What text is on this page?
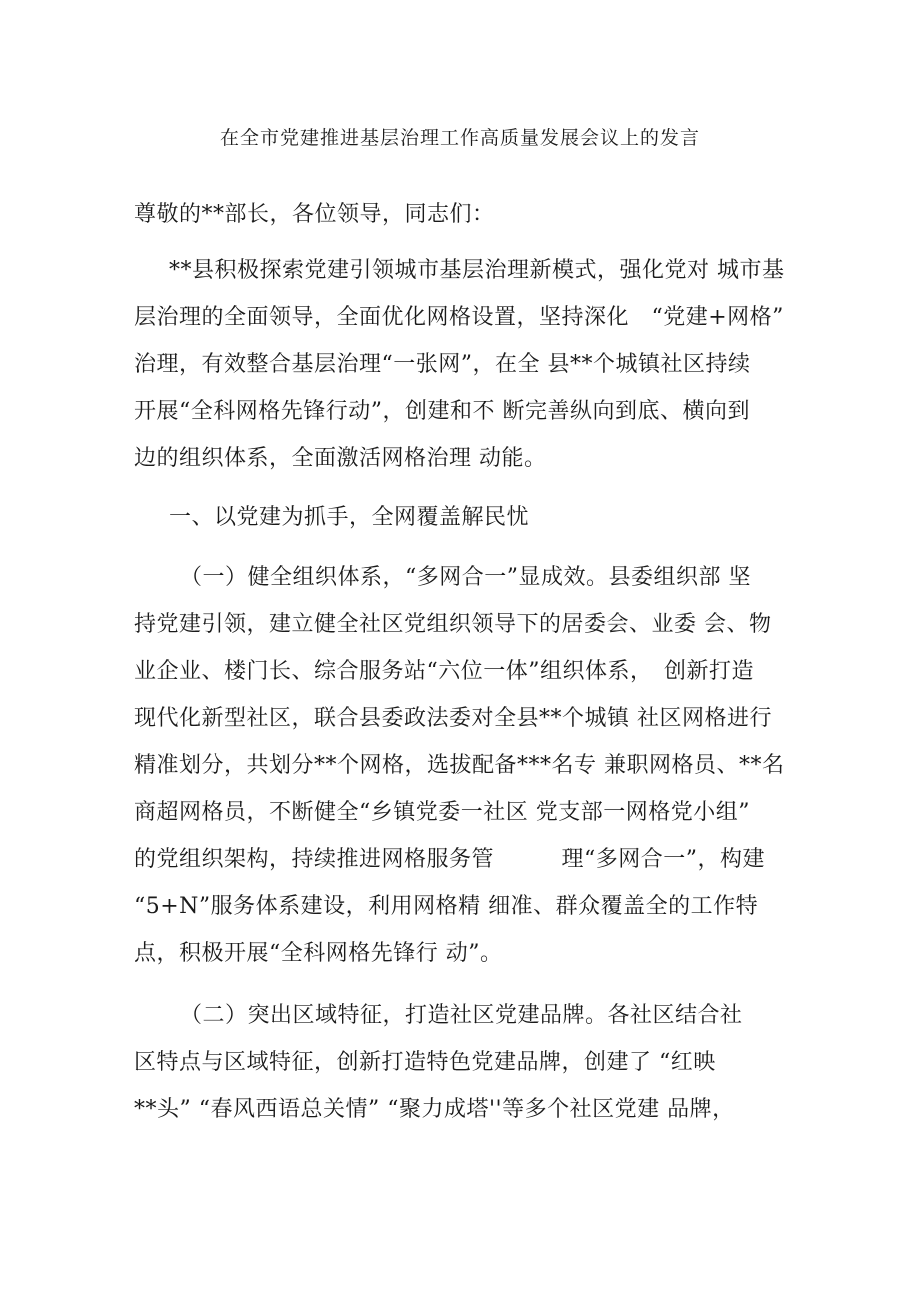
在全市党建推进基层治理工作高质量发展会议上的发言
尊敬的**部长，各位领导，同志们：
**县积极探索党建引领城市基层治理新模式，强化党对 城市基
层治理的全面领导，全面优化网格设置，坚持深化　“党建+网格”
治理，有效整合基层治理“一张网”，在全 县**个城镇社区持续
开展“全科网格先锋行动”，创建和不 断完善纵向到底、横向到
边的组织体系，全面激活网格治理 动能。
一、以党建为抓手，全网覆盖解民忧
（一）健全组织体系，“多网合一”显成效。县委组织部 坚
持党建引领，建立健全社区党组织领导下的居委会、业委 会、物
业企业、楼门长、综合服务站“六位一体”组织体系，　创新打造
现代化新型社区，联合县委政法委对全县**个城镇 社区网格进行
精准划分，共划分**个网格，选拔配备***名专 兼职网格员、**名
商超网格员，不断健全“乡镇党委一社区 党支部一网格党小组”
的党组织架构，持续推进网格服务管　　　理“多网合一”，构建
“5+N”服务体系建设，利用网格精 细准、群众覆盖全的工作特
点，积极开展“全科网格先锋行 动”。
（二）突出区域特征，打造社区党建品牌。各社区结合社
区特点与区域特征，创新打造特色党建品牌，创建了 “红映
**头” “春风西语总关情” “聚力成塔''等多个社区党建 品牌，
